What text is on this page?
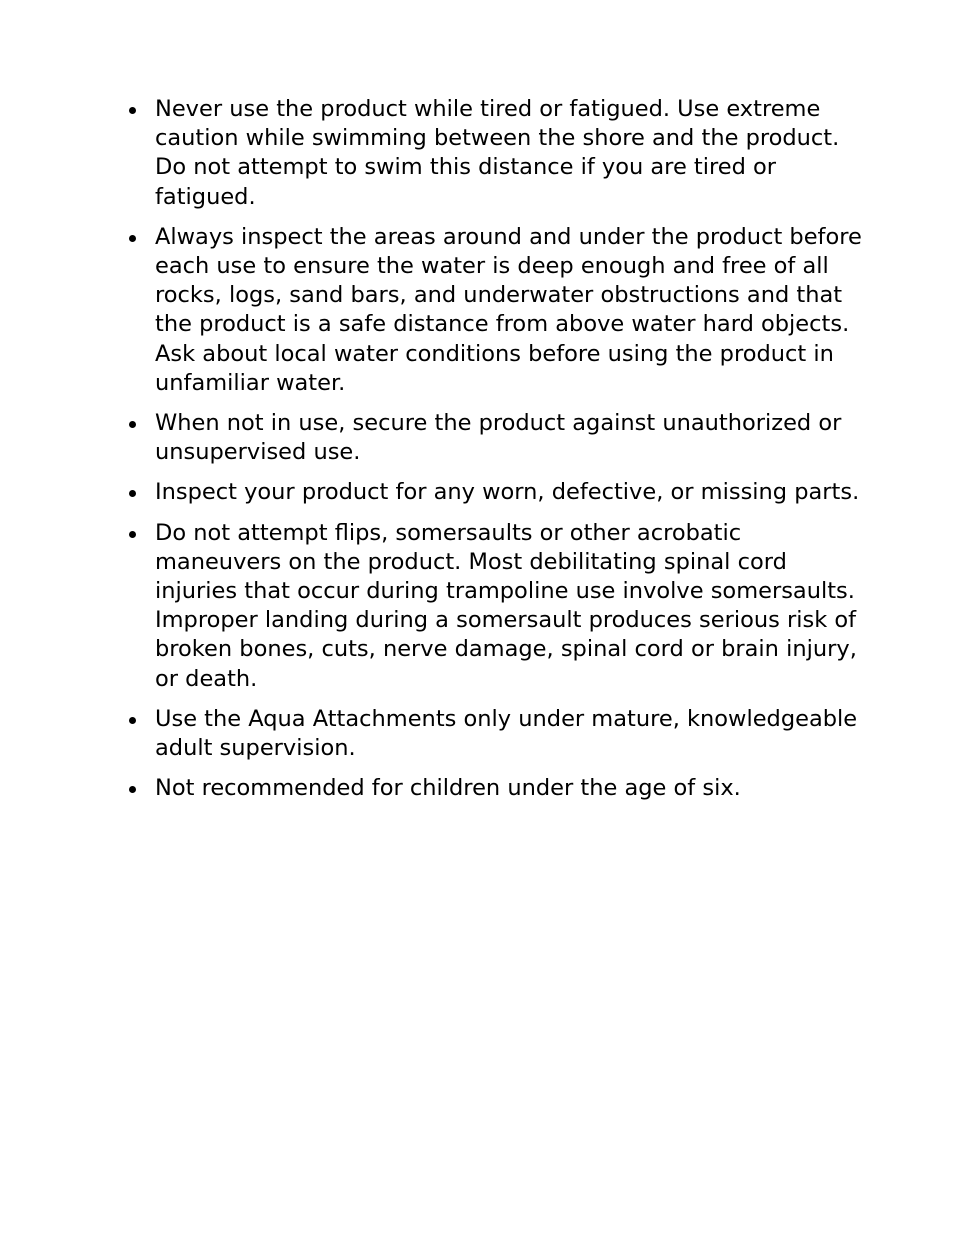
Never use the product while tired or fatigued. Use extreme caution while swimming between the shore and the product. Do not attempt to swim this distance if you are tired or fatigued.
Always inspect the areas around and under the product before each use to ensure the water is deep enough and free of all rocks, logs, sand bars, and underwater obstructions and that the product is a safe distance from above water hard objects. Ask about local water conditions before using the product in unfamiliar water.
When not in use, secure the product against unauthorized or unsupervised use.
Inspect your product for any worn, defective, or missing parts.
Do not attempt flips, somersaults or other acrobatic maneuvers on the product. Most debilitating spinal cord injuries that occur during trampoline use involve somersaults. Improper landing during a somersault produces serious risk of broken bones, cuts, nerve damage, spinal cord or brain injury, or death.
Use the Aqua Attachments only under mature, knowledgeable adult supervision.
Not recommended for children under the age of six.
